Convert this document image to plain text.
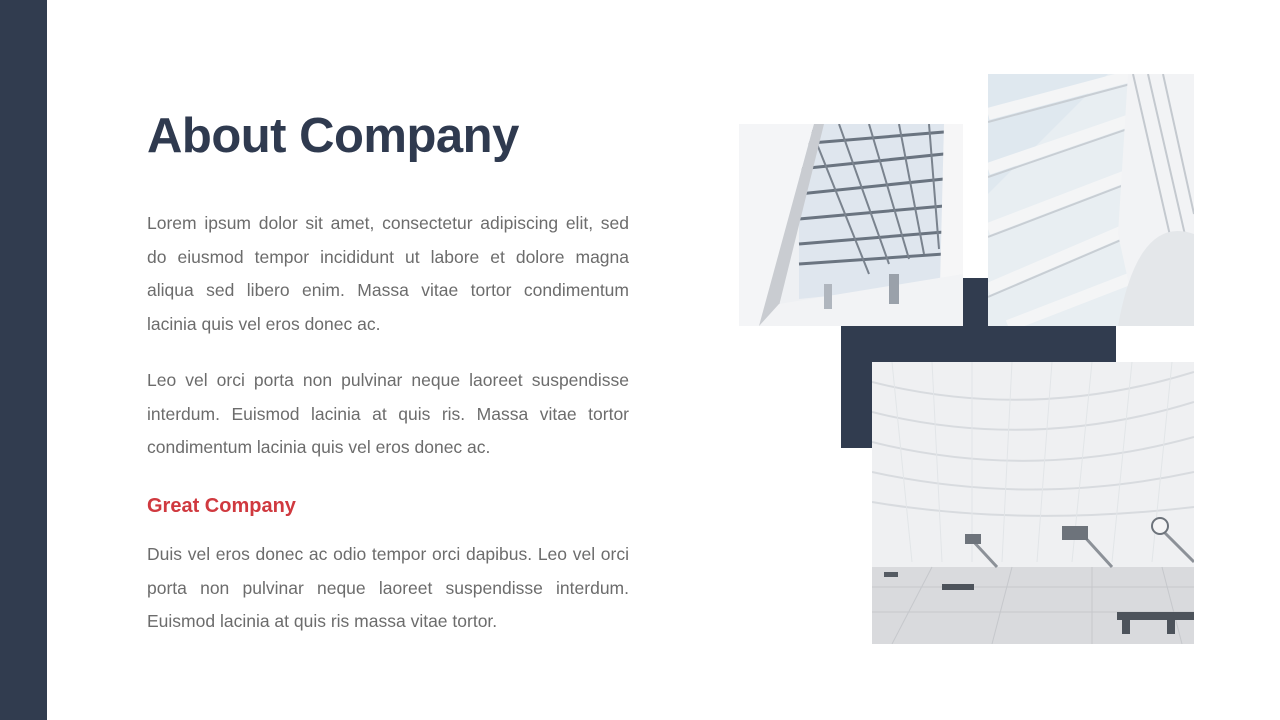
About Company

Lorem ipsum dolor sit amet, consectetur adipiscing elit, sed do eiusmod tempor incididunt ut labore et dolore magna aliqua sed libero enim. Massa vitae tortor condimentum lacinia quis vel eros donec ac.

Leo vel orci porta non pulvinar neque laoreet suspendisse interdum. Euismod lacinia at quis ris. Massa vitae tortor condimentum lacinia quis vel eros donec ac.

Great Company

Duis vel eros donec ac odio tempor orci dapibus. Leo vel orci porta non pulvinar neque laoreet suspendisse interdum. Euismod lacinia at quis ris massa vitae tortor.
